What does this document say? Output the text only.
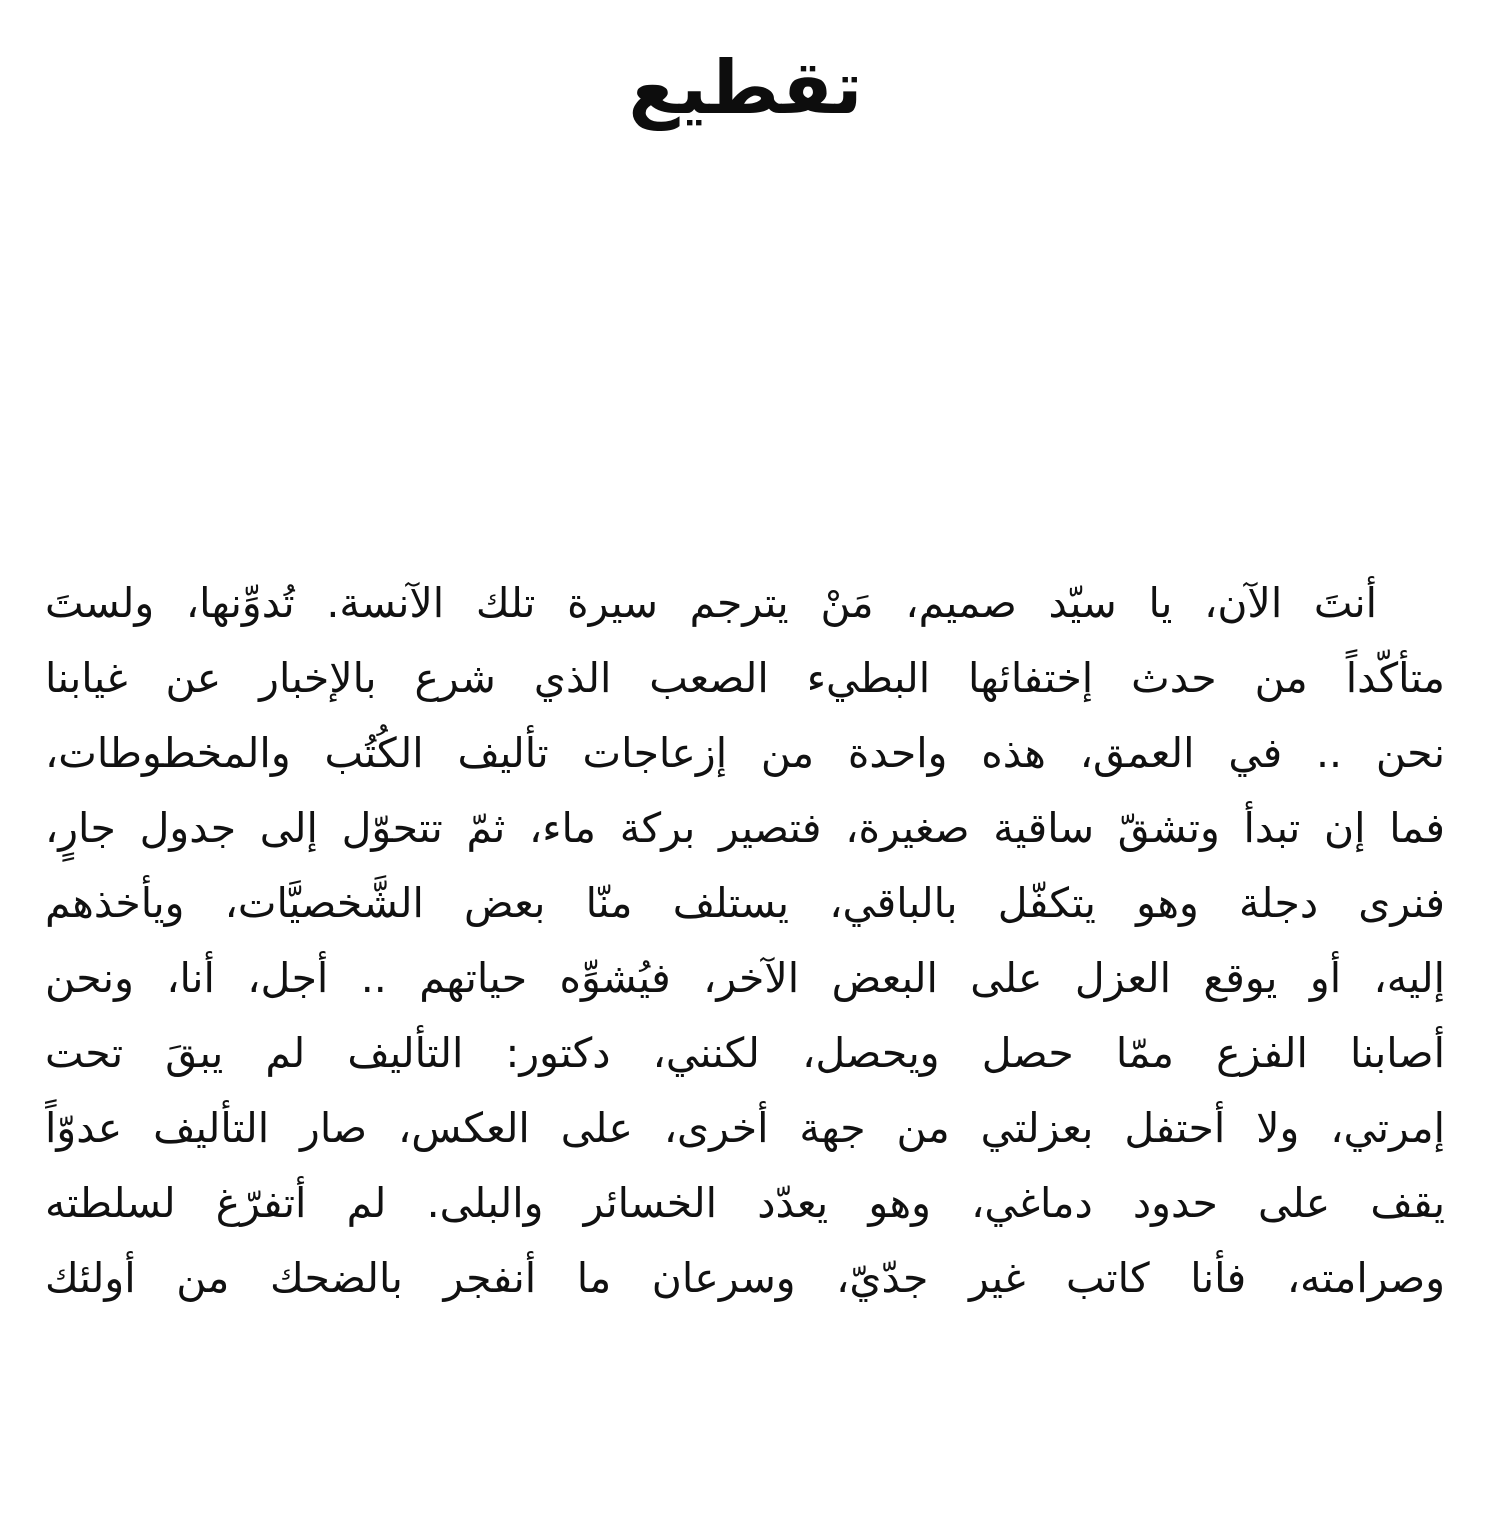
تقطيع
أنتَ الآن، يا سيّد صميم، مَنْ يترجم سيرة تلك الآنسة. تُدوِّنها، ولستَ
متأكّداً من حدث إختفائها البطيء الصعب الذي شرع بالإخبار عن غيابنا
نحن .. في العمق، هذه واحدة من إزعاجات تأليف الكُتُب والمخطوطات،
فما إن تبدأ وتشقّ ساقية صغيرة، فتصير بركة ماء، ثمّ تتحوّل إلى جدول جارٍ،
فنرى دجلة وهو يتكفّل بالباقي، يستلف منّا بعض الشَّخصيَّات، ويأخذهم
إليه، أو يوقع العزل على البعض الآخر، فيُشوِّه حياتهم .. أجل، أنا، ونحن
أصابنا الفزع ممّا حصل ويحصل، لكنني، دكتور: التأليف لم يبقَ تحت
إمرتي، ولا أحتفل بعزلتي من جهة أخرى، على العكس، صار التأليف عدوّاً
يقف على حدود دماغي، وهو يعدّد الخسائر والبلى. لم أتفرّغ لسلطته
وصرامته، فأنا كاتب غير جدّيّ، وسرعان ما أنفجر بالضحك من أولئك
